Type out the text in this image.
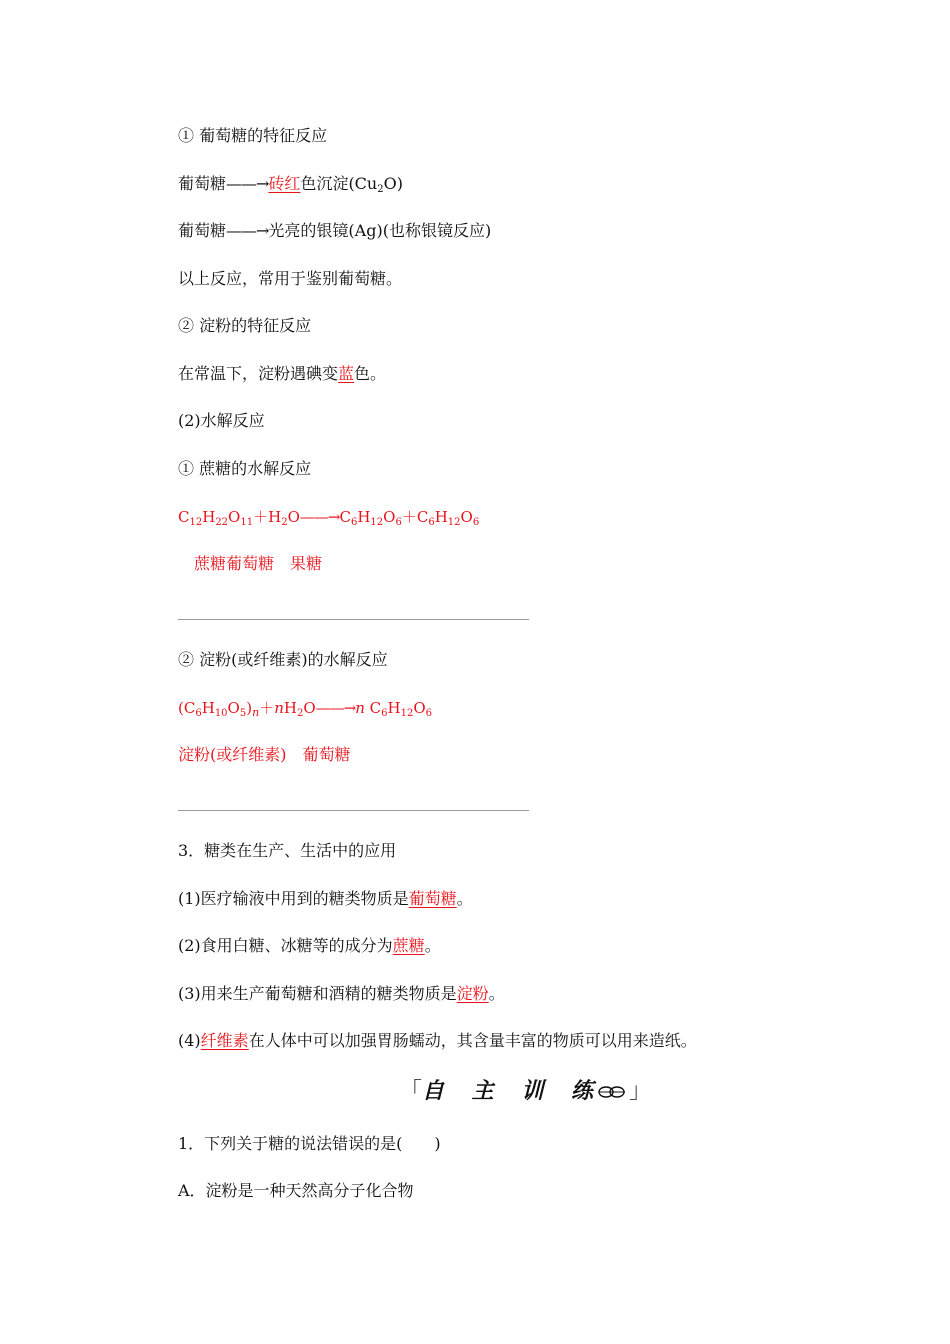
① 葡萄糖的特征反应
葡萄糖——→砖红色沉淀$(Cu_2O)$
葡萄糖——→光亮的银镜(Ag)(也称银镜反应)
以上反应，常用于鉴别葡萄糖。
② 淀粉的特征反应
在常温下，淀粉遇碘变蓝色。
(2)水解反应
① 蔗糖的水解反应
$C_{12}H_{22}O_{11}+H_2O——\to C_6H_{12}O_6+C_6H_{12}O_6$
蔗糖葡萄糖　果糖
② 淀粉(或纤维素)的水解反应
$(C_6H_{10}O_5)_n+nH_2O——\to n$ $C_6H_{12}O_6$
淀粉(或纤维素)　葡萄糖
3．糖类在生产、生活中的应用
(1)医疗输液中用到的糖类物质是葡萄糖。
(2)食用白糖、冰糖等的成分为蔗糖。
(3)用来生产葡萄糖和酒精的糖类物质是淀粉。
(4)纤维素在人体中可以加强胃肠蠕动，其含量丰富的物质可以用来造纸。
「自 主 训 练 」
1．下列关于糖的说法错误的是(　　)
A．淀粉是一种天然高分子化合物
